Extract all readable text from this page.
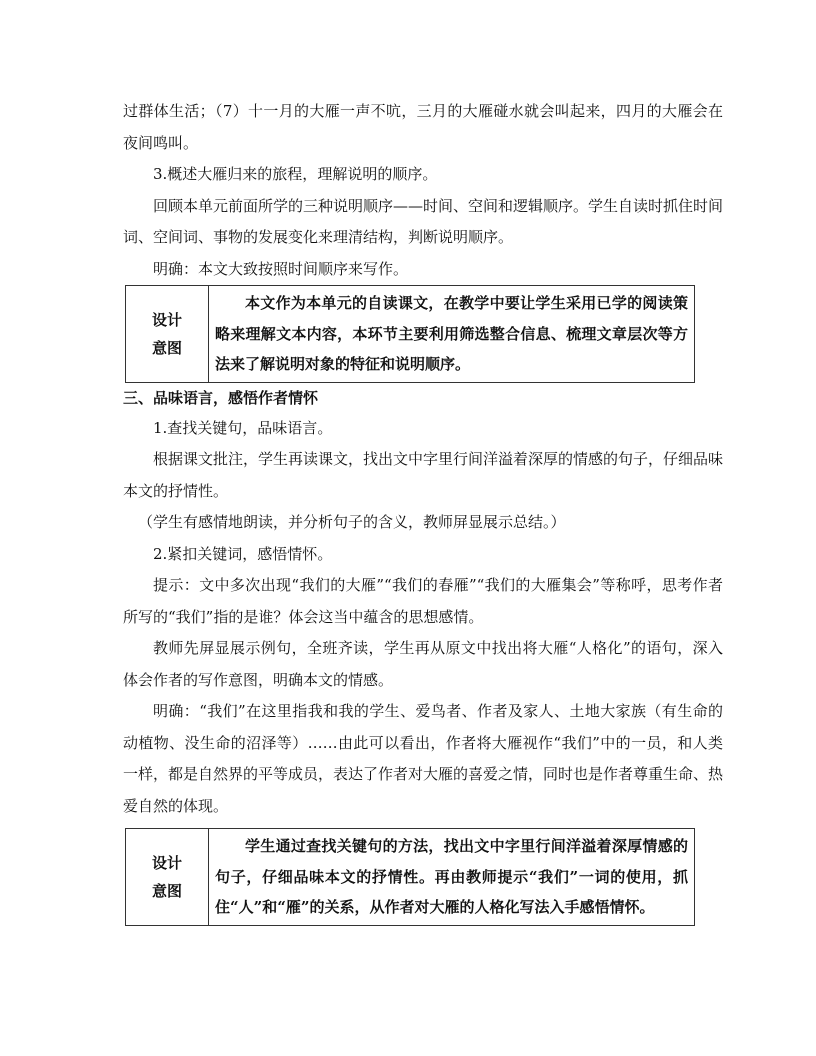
过群体生活；（7）十一月的大雁一声不吭，三月的大雁碰水就会叫起来，四月的大雁会在夜间鸣叫。

3.概述大雁归来的旅程，理解说明的顺序。

回顾本单元前面所学的三种说明顺序——时间、空间和逻辑顺序。学生自读时抓住时间词、空间词、事物的发展变化来理清结构，判断说明顺序。

明确：本文大致按照时间顺序来写作。

设计
意图
	本文作为本单元的自读课文，在教学中要让学生采用已学的阅读策略来理解文本内容，本环节主要利用筛选整合信息、梳理文章层次等方法来了解说明对象的特征和说明顺序。

三、品味语言，感悟作者情怀

1.查找关键句，品味语言。

根据课文批注，学生再读课文，找出文中字里行间洋溢着深厚的情感的句子，仔细品味本文的抒情性。

（学生有感情地朗读，并分析句子的含义，教师屏显展示总结。）

2.紧扣关键词，感悟情怀。

提示：文中多次出现“我们的大雁”“我们的春雁”“我们的大雁集会”等称呼，思考作者所写的“我们”指的是谁？体会这当中蕴含的思想感情。

教师先屏显展示例句，全班齐读，学生再从原文中找出将大雁“人格化”的语句，深入体会作者的写作意图，明确本文的情感。

明确：“我们”在这里指我和我的学生、爱鸟者、作者及家人、土地大家族（有生命的动植物、没生命的沼泽等）……由此可以看出，作者将大雁视作“我们”中的一员，和人类一样，都是自然界的平等成员，表达了作者对大雁的喜爱之情，同时也是作者尊重生命、热爱自然的体现。

设计
意图
	学生通过查找关键句的方法，找出文中字里行间洋溢着深厚情感的句子，仔细品味本文的抒情性。再由教师提示“我们”一词的使用，抓住“人”和“雁”的关系，从作者对大雁的人格化写法入手感悟情怀。
